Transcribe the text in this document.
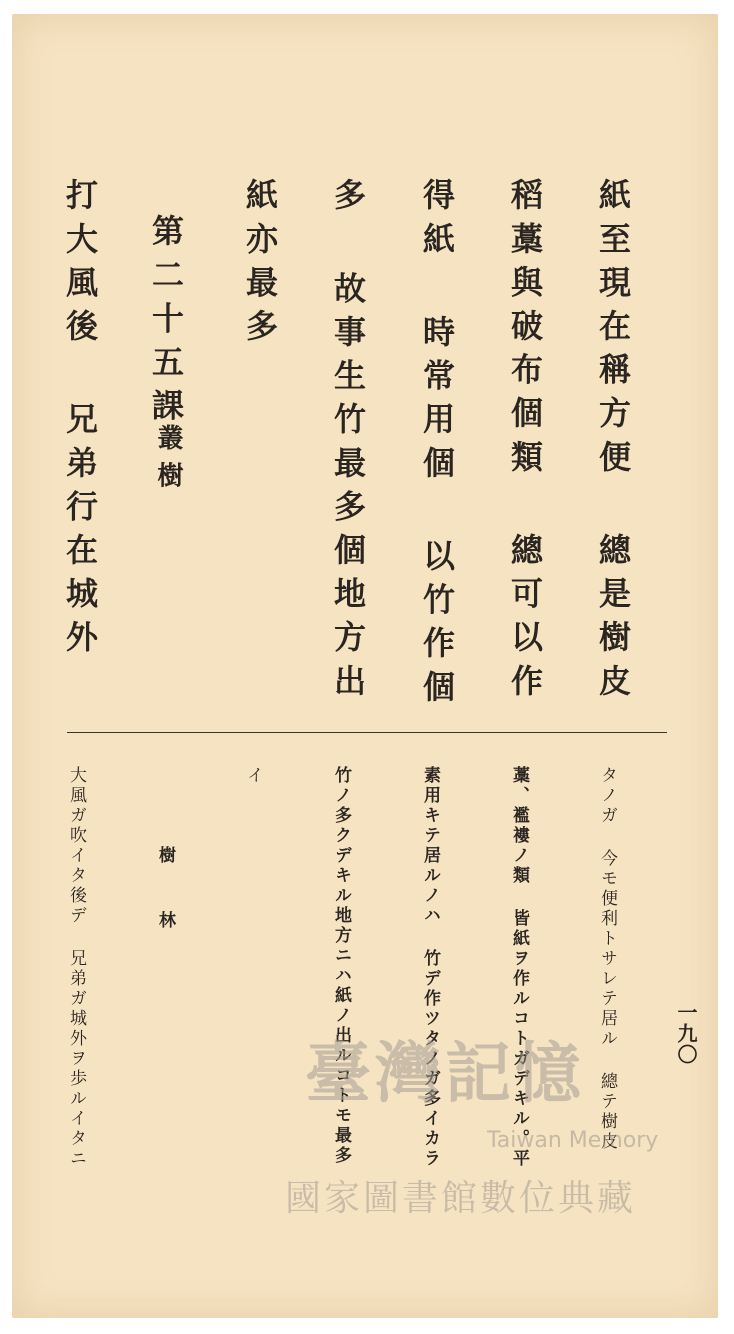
紙至現在稱方便 總是樹皮
稻藁與破布個類 總可以作
得紙 時常用個 以竹作個
多 故事生竹最多個地方出
紙亦最多
第二十五課
叢樹
打大風後 兄弟行在城外
一九〇
タノガ 今モ便利トサレテ居ル 總テ樹皮
藁、襤褸ノ類 皆紙ヲ作ルコトガデキル。平
素用キテ居ルノハ 竹デ作ツタノガ多イカラ
竹ノ多クデキル地方ニハ紙ノ出ルコトモ最多
イ
樹 林
大風ガ吹イタ後デ 兄弟ガ城外ヲ歩ルイタニ	臺灣記憶
Taiwan Memory
國家圖書館數位典藏
